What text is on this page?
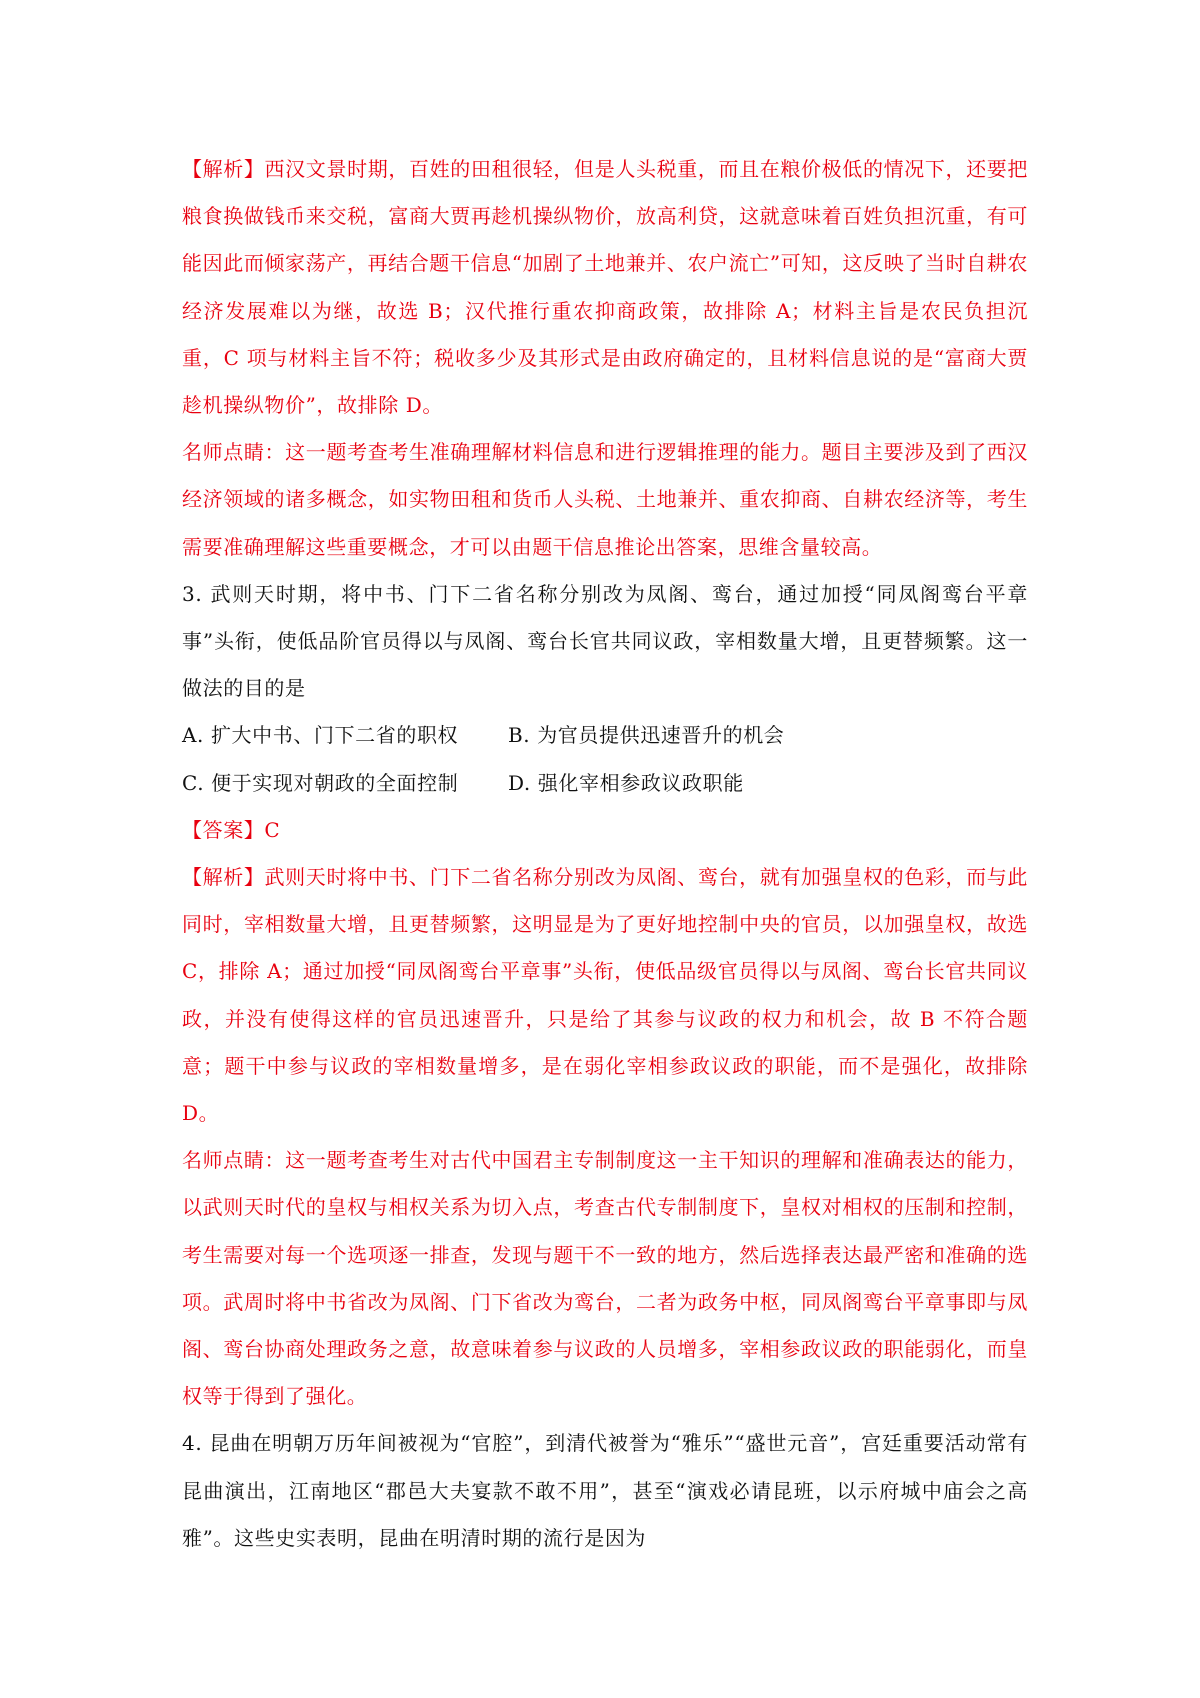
【解析】西汉文景时期，百姓的田租很轻，但是人头税重，而且在粮价极低的情况下，还要把粮食换做钱币来交税，富商大贾再趁机操纵物价，放高利贷，这就意味着百姓负担沉重，有可能因此而倾家荡产，再结合题干信息“加剧了土地兼并、农户流亡”可知，这反映了当时自耕农经济发展难以为继，故选 B；汉代推行重农抑商政策，故排除 A；材料主旨是农民负担沉重，C 项与材料主旨不符；税收多少及其形式是由政府确定的，且材料信息说的是“富商大贾趁机操纵物价”，故排除 D。

名师点睛：这一题考查考生准确理解材料信息和进行逻辑推理的能力。题目主要涉及到了西汉经济领域的诸多概念，如实物田租和货币人头税、土地兼并、重农抑商、自耕农经济等，考生需要准确理解这些重要概念，才可以由题干信息推论出答案，思维含量较高。

3. 武则天时期，将中书、门下二省名称分别改为凤阁、鸾台，通过加授“同凤阁鸾台平章事”头衔，使低品阶官员得以与凤阁、鸾台长官共同议政，宰相数量大增，且更替频繁。这一做法的目的是

A. 扩大中书、门下二省的职权 B. 为官员提供迅速晋升的机会
C. 便于实现对朝政的全面控制 D. 强化宰相参政议政职能

【答案】C

【解析】武则天时将中书、门下二省名称分别改为凤阁、鸾台，就有加强皇权的色彩，而与此同时，宰相数量大增，且更替频繁，这明显是为了更好地控制中央的官员，以加强皇权，故选 C，排除 A；通过加授“同凤阁鸾台平章事”头衔，使低品级官员得以与凤阁、鸾台长官共同议政，并没有使得这样的官员迅速晋升，只是给了其参与议政的权力和机会，故 B 不符合题意；题干中参与议政的宰相数量增多，是在弱化宰相参政议政的职能，而不是强化，故排除 D。

名师点睛：这一题考查考生对古代中国君主专制制度这一主干知识的理解和准确表达的能力，以武则天时代的皇权与相权关系为切入点，考查古代专制制度下，皇权对相权的压制和控制，考生需要对每一个选项逐一排查，发现与题干不一致的地方，然后选择表达最严密和准确的选项。武周时将中书省改为凤阁、门下省改为鸾台，二者为政务中枢，同凤阁鸾台平章事即与凤阁、鸾台协商处理政务之意，故意味着参与议政的人员增多，宰相参政议政的职能弱化，而皇权等于得到了强化。

4. 昆曲在明朝万历年间被视为“官腔”，到清代被誉为“雅乐”“盛世元音”，宫廷重要活动常有昆曲演出，江南地区“郡邑大夫宴款不敢不用”，甚至“演戏必请昆班，以示府城中庙会之高雅”。这些史实表明，昆曲在明清时期的流行是因为
